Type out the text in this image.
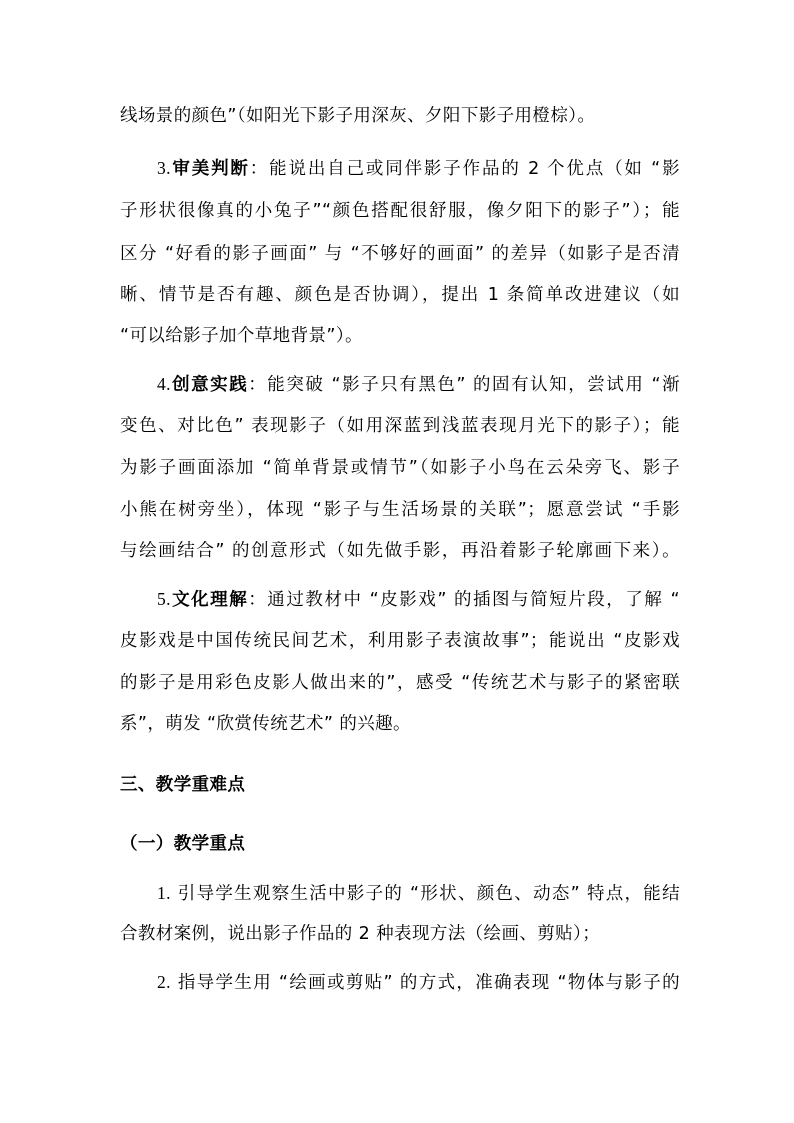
线场景的颜色”（如阳光下影子用深灰、夕阳下影子用橙棕）。
3.审美判断：能说出自己或同伴影子作品的 2 个优点（如 “影
子形状很像真的小兔子”“颜色搭配很舒服，像夕阳下的影子”）；能
区分 “好看的影子画面” 与 “不够好的画面” 的差异（如影子是否清
晰、情节是否有趣、颜色是否协调），提出 1 条简单改进建议（如
“可以给影子加个草地背景”）。
4.创意实践：能突破 “影子只有黑色” 的固有认知，尝试用 “渐
变色、对比色” 表现影子（如用深蓝到浅蓝表现月光下的影子）；能
为影子画面添加 “简单背景或情节”（如影子小鸟在云朵旁飞、影子
小熊在树旁坐），体现 “影子与生活场景的关联”；愿意尝试 “手影
与绘画结合” 的创意形式（如先做手影，再沿着影子轮廓画下来）。
5.文化理解：通过教材中 “皮影戏” 的插图与简短片段，了解 “
皮影戏是中国传统民间艺术，利用影子表演故事”；能说出 “皮影戏
的影子是用彩色皮影人做出来的”，感受 “传统艺术与影子的紧密联
系”，萌发 “欣赏传统艺术” 的兴趣。
三、教学重难点
（一）教学重点
1. 引导学生观察生活中影子的 “形状、颜色、动态” 特点，能结
合教材案例，说出影子作品的 2 种表现方法（绘画、剪贴）；
2. 指导学生用 “绘画或剪贴” 的方式，准确表现 “物体与影子的
